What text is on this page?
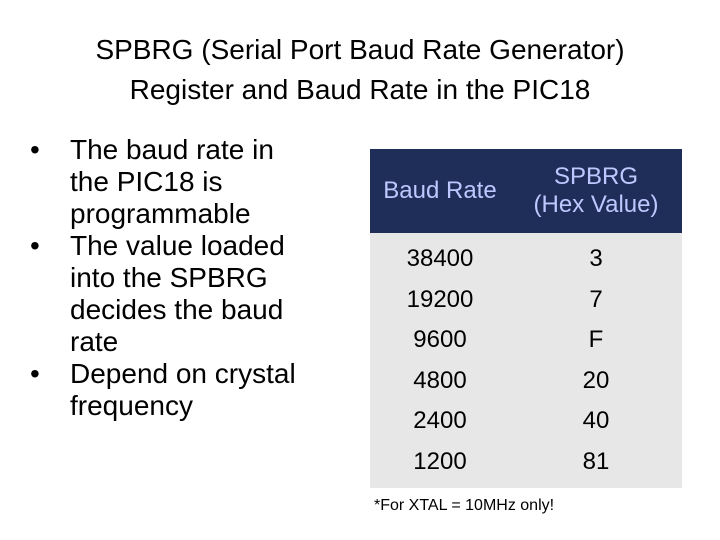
SPBRG (Serial Port Baud Rate Generator)
Register and Baud Rate in the PIC18
• The baud rate in
the PIC18 is
programmable
• The value loaded
into the SPBRG
decides the baud
rate
• Depend on crystal
frequency
Baud Rate	SPBRG
(Hex Value)

38400	3
19200	7
9600	F
4800	20
2400	40
1200	81
*For XTAL = 10MHz only!
